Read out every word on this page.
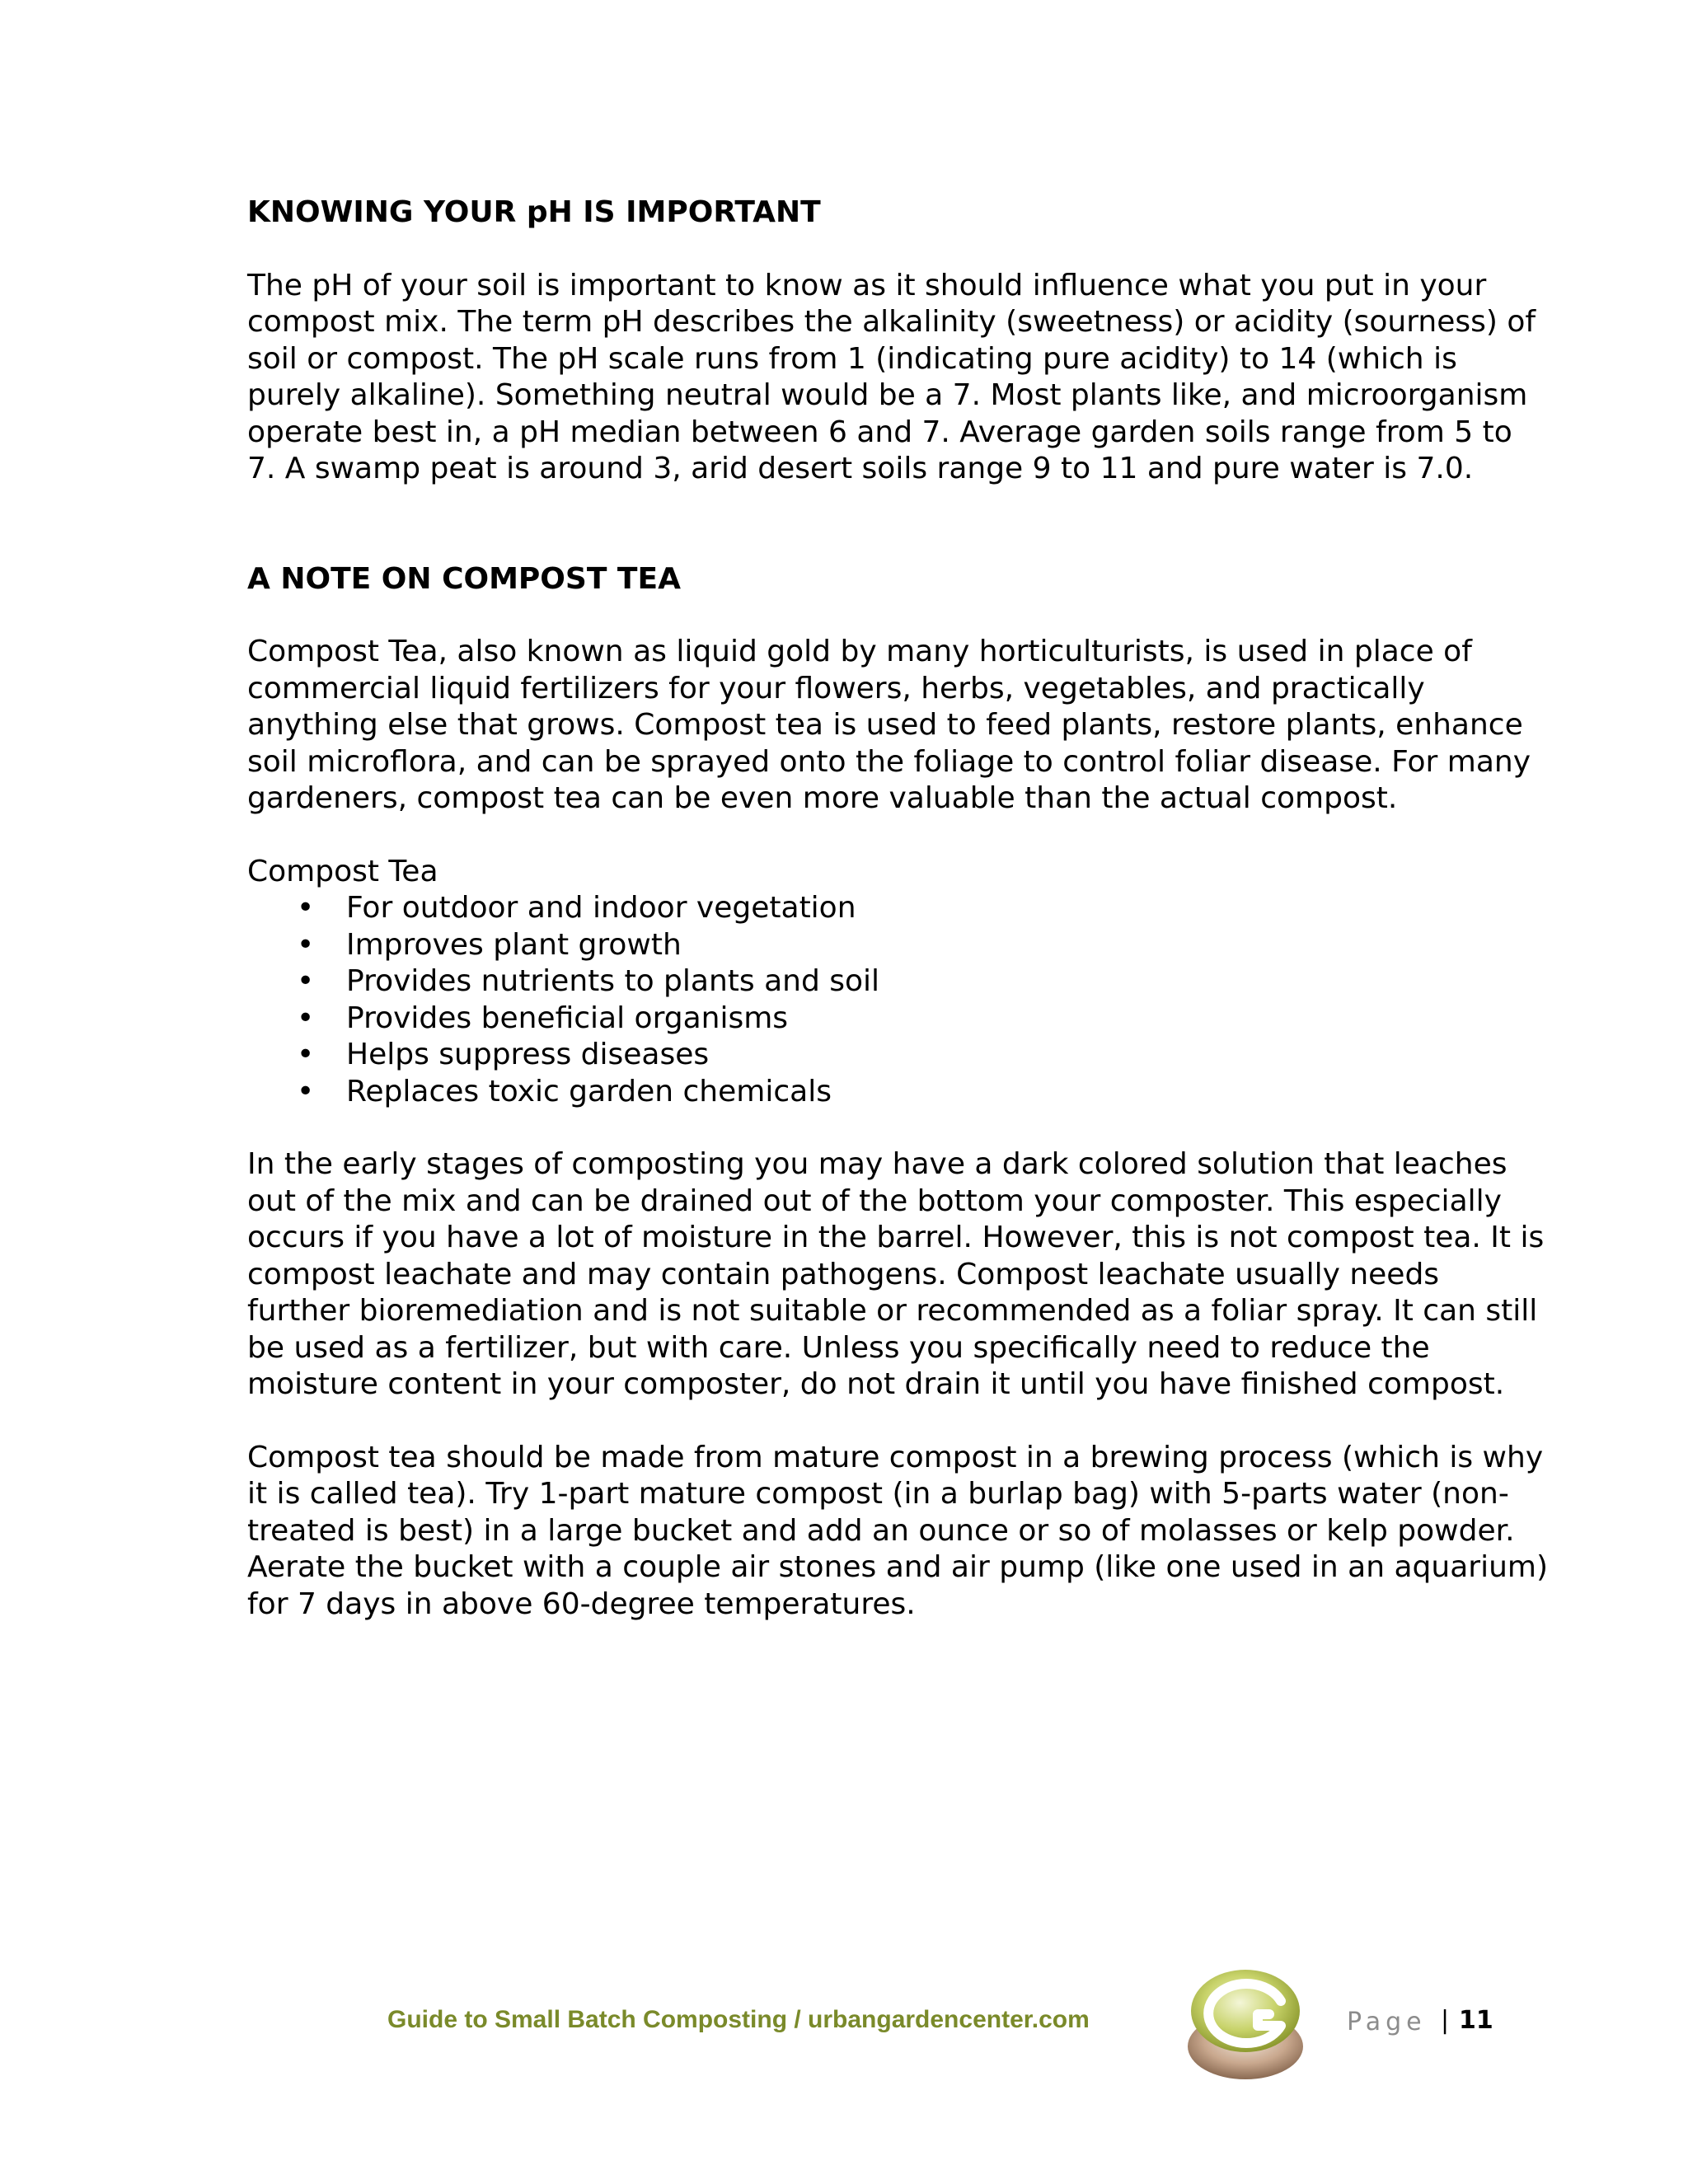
KNOWING YOUR pH IS IMPORTANT

The pH of your soil is important to know as it should influence what you put in your compost mix. The term pH describes the alkalinity (sweetness) or acidity (sourness) of soil or compost. The pH scale runs from 1 (indicating pure acidity) to 14 (which is purely alkaline). Something neutral would be a 7. Most plants like, and microorganism operate best in, a pH median between 6 and 7. Average garden soils range from 5 to 7. A swamp peat is around 3, arid desert soils range 9 to 11 and pure water is 7.0.

A NOTE ON COMPOST TEA

Compost Tea, also known as liquid gold by many horticulturists, is used in place of commercial liquid fertilizers for your flowers, herbs, vegetables, and practically anything else that grows. Compost tea is used to feed plants, restore plants, enhance soil microflora, and can be sprayed onto the foliage to control foliar disease. For many gardeners, compost tea can be even more valuable than the actual compost.

Compost Tea

• For outdoor and indoor vegetation
• Improves plant growth
• Provides nutrients to plants and soil
• Provides beneficial organisms
• Helps suppress diseases
• Replaces toxic garden chemicals

In the early stages of composting you may have a dark colored solution that leaches out of the mix and can be drained out of the bottom your composter. This especially occurs if you have a lot of moisture in the barrel. However, this is not compost tea. It is compost leachate and may contain pathogens. Compost leachate usually needs further bioremediation and is not suitable or recommended as a foliar spray. It can still be used as a fertilizer, but with care. Unless you specifically need to reduce the moisture content in your composter, do not drain it until you have finished compost.

Compost tea should be made from mature compost in a brewing process (which is why it is called tea). Try 1-part mature compost (in a burlap bag) with 5-parts water (non-treated is best) in a large bucket and add an ounce or so of molasses or kelp powder. Aerate the bucket with a couple air stones and air pump (like one used in an aquarium) for 7 days in above 60-degree temperatures.

Guide to Small Batch Composting / urbangardencenter.com	Page | 11
